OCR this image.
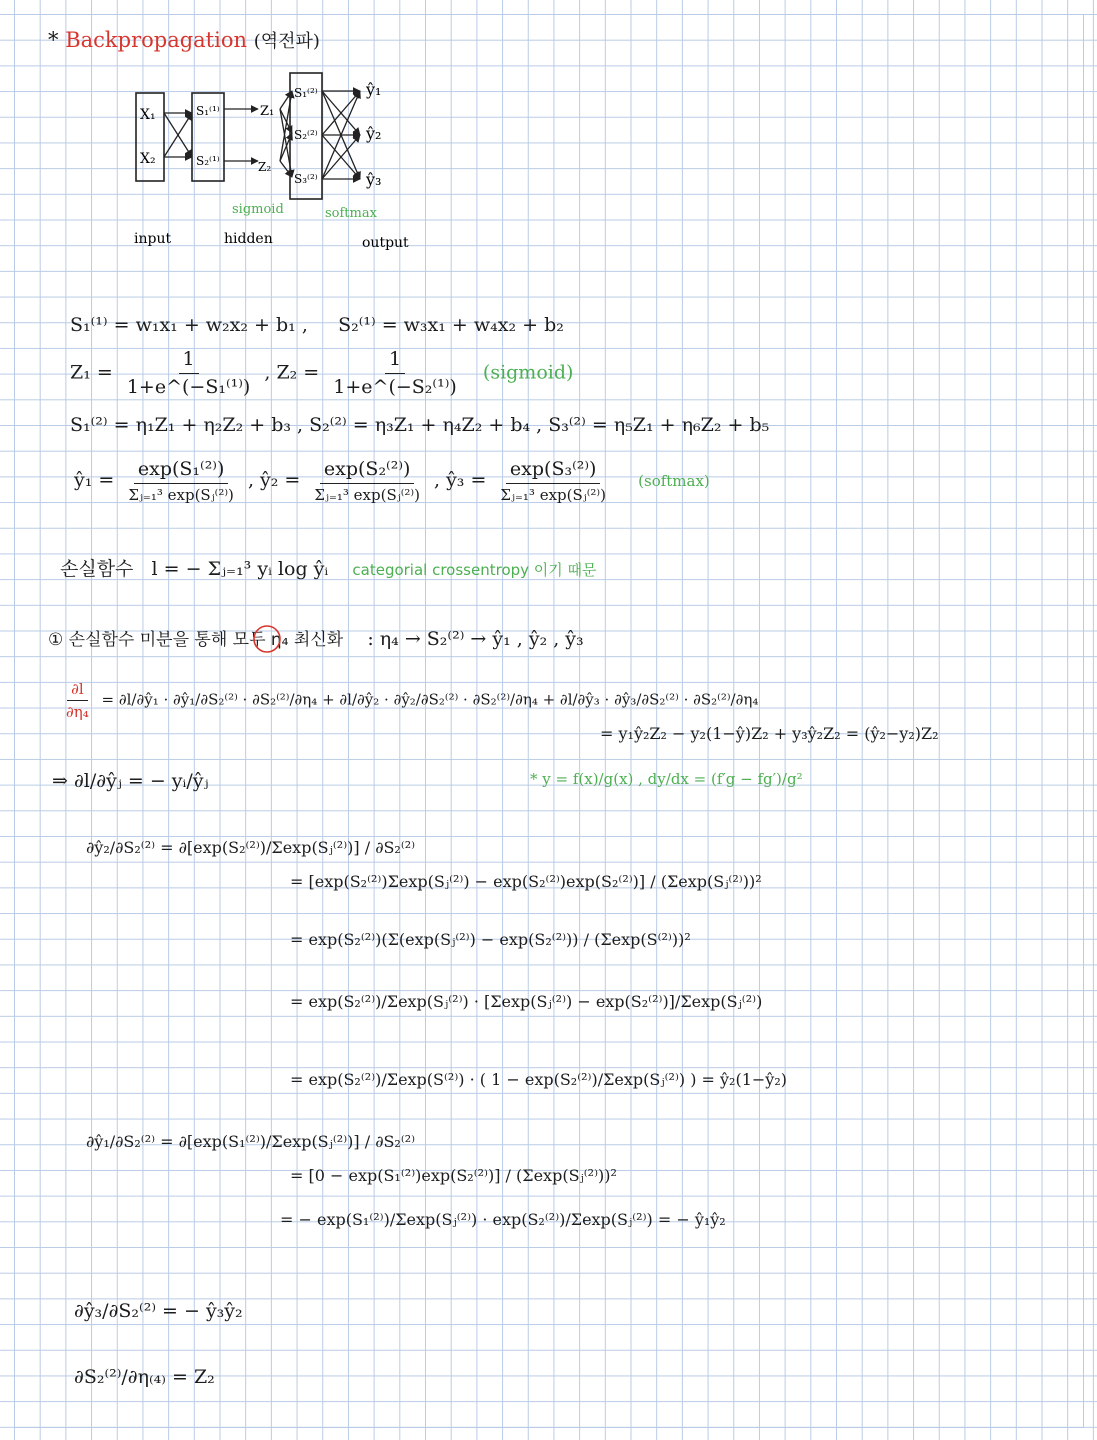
* Backpropagation (역전파)
X₁
X₂
S₁⁽¹⁾
S₂⁽¹⁾
Z₁
Z₂
S₁⁽²⁾
S₂⁽²⁾
S₃⁽²⁾
ŷ₁
ŷ₂
ŷ₃
sigmoid	softmax
input	hidden	output
S₁⁽¹⁾ = w₁x₁ + w₂x₂ + b₁ , S₂⁽¹⁾ = w₃x₁ + w₄x₂ + b₂
$Z_1 = \frac{1}{\text{1+e\textasciicircum{}(−S₁⁽¹⁾)}}$ , $Z_2 = \frac{1}{\text{1+e\textasciicircum{}(−S₂⁽¹⁾)}}$ (sigmoid)
S₁⁽²⁾ = η₁Z₁ + η₂Z₂ + b₃ , S₂⁽²⁾ = η₃Z₁ + η₄Z₂ + b₄ , S₃⁽²⁾ = η₅Z₁ + η₆Z₂ + b₅
ŷ₁ = $\frac{\text{exp(S₁⁽²⁾)}}{\text{Σⱼ₌₁³ exp(Sⱼ⁽²⁾)}}$ , ŷ₂ = $\frac{\text{exp(S₂⁽²⁾)}}{\text{Σⱼ₌₁³ exp(Sⱼ⁽²⁾)}}$ , ŷ₃ = $\frac{\text{exp(S₃⁽²⁾)}}{\text{Σⱼ₌₁³ exp(Sⱼ⁽²⁾)}}$ (softmax)
손실함수 l = − Σⱼ₌₁³ yᵢ log ŷᵢ categorial crossentropy 이기 때문
① 손실함수 미분을 통해 모두 η₄ 최신화 : η₄ → S₂⁽²⁾ → ŷ₁ , ŷ₂ , ŷ₃
$\frac{\partial l}{\text{∂η₄}}$ = ∂l/∂ŷ₁ · ∂ŷ₁/∂S₂⁽²⁾ · ∂S₂⁽²⁾/∂η₄ + ∂l/∂ŷ₂ · ∂ŷ₂/∂S₂⁽²⁾ · ∂S₂⁽²⁾/∂η₄ + ∂l/∂ŷ₃ · ∂ŷ₃/∂S₂⁽²⁾ · ∂S₂⁽²⁾/∂η₄
= y₁ŷ₂Z₂ − y₂(1−ŷ)Z₂ + y₃ŷ₂Z₂ = (ŷ₂−y₂)Z₂
⇒ ∂l/∂ŷⱼ = − yᵢ/ŷⱼ	* y = f(x)/g(x) , dy/dx = (f′g − fg′)/g²
∂ŷ₂/∂S₂⁽²⁾ = ∂[exp(S₂⁽²⁾)/Σexp(Sⱼ⁽²⁾)] / ∂S₂⁽²⁾
= [exp(S₂⁽²⁾)Σexp(Sⱼ⁽²⁾) − exp(S₂⁽²⁾)exp(S₂⁽²⁾)] / (Σexp(Sⱼ⁽²⁾))²
= exp(S₂⁽²⁾)(Σ(exp(Sⱼ⁽²⁾) − exp(S₂⁽²⁾)) / (Σexp(S⁽²⁾))²
= exp(S₂⁽²⁾)/Σexp(Sⱼ⁽²⁾) · [Σexp(Sⱼ⁽²⁾) − exp(S₂⁽²⁾)]/Σexp(Sⱼ⁽²⁾)
= exp(S₂⁽²⁾)/Σexp(S⁽²⁾) · ( 1 − exp(S₂⁽²⁾)/Σexp(Sⱼ⁽²⁾) ) = ŷ₂(1−ŷ₂)
∂ŷ₁/∂S₂⁽²⁾ = ∂[exp(S₁⁽²⁾)/Σexp(Sⱼ⁽²⁾)] / ∂S₂⁽²⁾
= [0 − exp(S₁⁽²⁾)exp(S₂⁽²⁾)] / (Σexp(Sⱼ⁽²⁾))²
= − exp(S₁⁽²⁾)/Σexp(Sⱼ⁽²⁾) · exp(S₂⁽²⁾)/Σexp(Sⱼ⁽²⁾) = − ŷ₁ŷ₂
∂ŷ₃/∂S₂⁽²⁾ = − ŷ₃ŷ₂
∂S₂⁽²⁾/∂η₍₄₎ = Z₂
